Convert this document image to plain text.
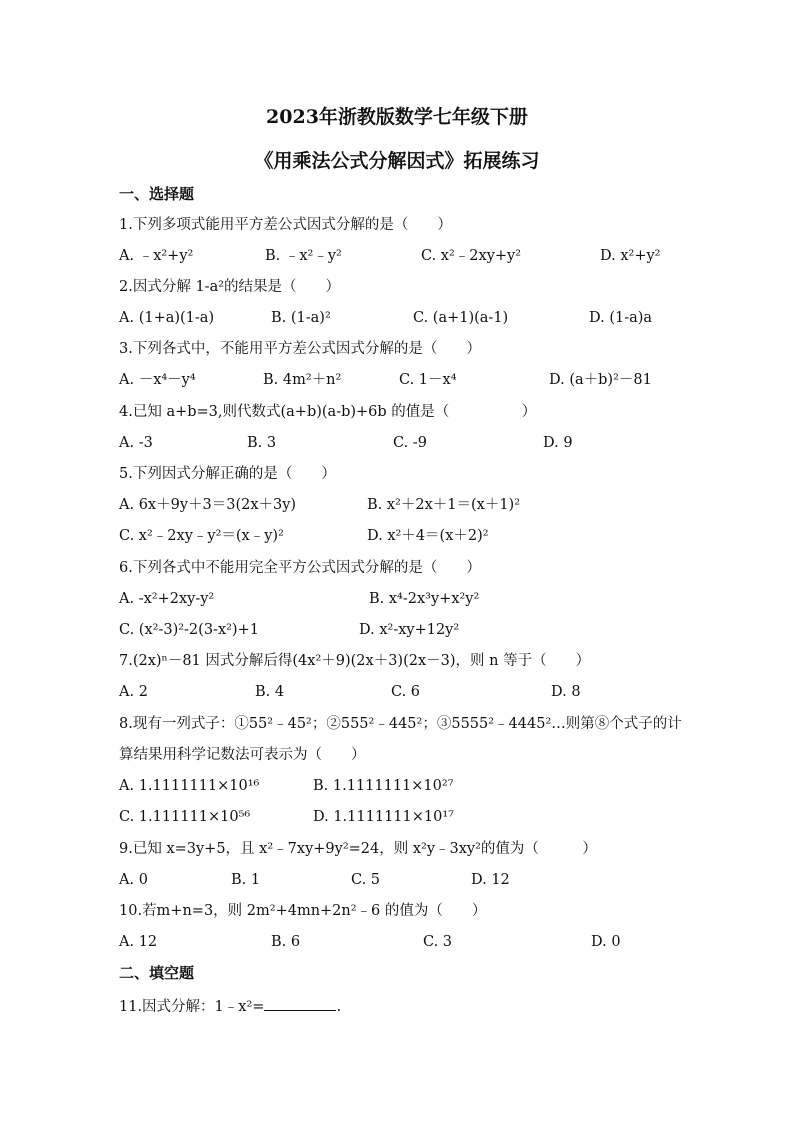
2023年浙教版数学七年级下册
《用乘法公式分解因式》拓展练习
一、选择题
1.下列多项式能用平方差公式因式分解的是（　　）
A. ﹣x²+y²	B. ﹣x²﹣y²	C. x²﹣2xy+y²	D. x²+y²
2.因式分解 1-a²的结果是（　　）
A. (1+a)(1-a)	B. (1-a)²	C. (a+1)(a-1)	D. (1-a)a
3.下列各式中，不能用平方差公式因式分解的是（　　）
A. －x⁴－y⁴	B. 4m²＋n²	C. 1－x⁴	D. (a＋b)²－81
4.已知 a+b=3,则代数式(a+b)(a-b)+6b 的值是（　　　　　）
A. -3	B. 3	C. -9	D. 9
5.下列因式分解正确的是（　　）
A. 6x＋9y＋3＝3(2x＋3y)	B. x²＋2x＋1＝(x＋1)²
C. x²﹣2xy﹣y²＝(x﹣y)²	D. x²＋4＝(x＋2)²
6.下列各式中不能用完全平方公式因式分解的是（　　）
A. -x²+2xy-y²	B. x⁴-2x³y+x²y²
C. (x²-3)²-2(3-x²)+1	D. x²-xy+12y²
7.(2x)ⁿ－81 因式分解后得(4x²＋9)(2x＋3)(2x－3)，则 n 等于（　　）
A. 2	B. 4	C. 6	D. 8
8.现有一列式子：①55²﹣45²；②555²﹣445²；③5555²﹣4445²…则第⑧个式子的计
算结果用科学记数法可表示为（　　）
A. 1.1111111×10¹⁶	B. 1.1111111×10²⁷
C. 1.111111×10⁵⁶	D. 1.1111111×10¹⁷
9.已知 x=3y+5，且 x²﹣7xy+9y²=24，则 x²y﹣3xy²的值为（　　　）
A. 0	B. 1	C. 5	D. 12
10.若m+n=3，则 2m²+4mn+2n²﹣6 的值为（　　）
A. 12	B. 6	C. 3	D. 0
二、填空题
11.因式分解：1﹣x²=	.
